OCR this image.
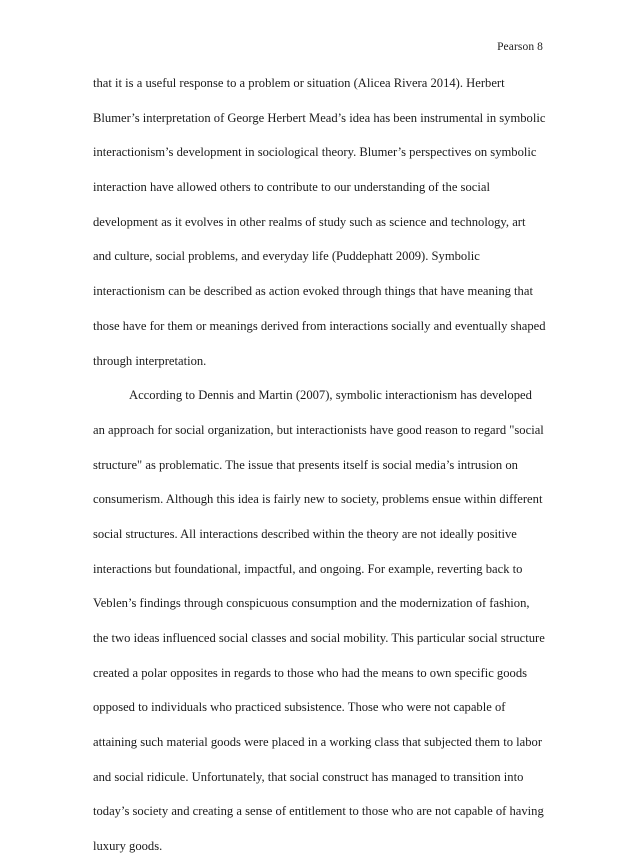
Pearson 8
that it is a useful response to a problem or situation (Alicea Rivera 2014). Herbert
Blumer’s interpretation of George Herbert Mead’s idea has been instrumental in symbolic
interactionism’s development in sociological theory. Blumer’s perspectives on symbolic
interaction have allowed others to contribute to our understanding of the social
development as it evolves in other realms of study such as science and technology, art
and culture, social problems, and everyday life (Puddephatt 2009). Symbolic
interactionism can be described as action evoked through things that have meaning that
those have for them or meanings derived from interactions socially and eventually shaped
through interpretation.
According to Dennis and Martin (2007), symbolic interactionism has developed
an approach for social organization, but interactionists have good reason to regard "social
structure" as problematic. The issue that presents itself is social media’s intrusion on
consumerism. Although this idea is fairly new to society, problems ensue within different
social structures. All interactions described within the theory are not ideally positive
interactions but foundational, impactful, and ongoing. For example, reverting back to
Veblen’s findings through conspicuous consumption and the modernization of fashion,
the two ideas influenced social classes and social mobility. This particular social structure
created a polar opposites in regards to those who had the means to own specific goods
opposed to individuals who practiced subsistence. Those who were not capable of
attaining such material goods were placed in a working class that subjected them to labor
and social ridicule. Unfortunately, that social construct has managed to transition into
today’s society and creating a sense of entitlement to those who are not capable of having
luxury goods.
